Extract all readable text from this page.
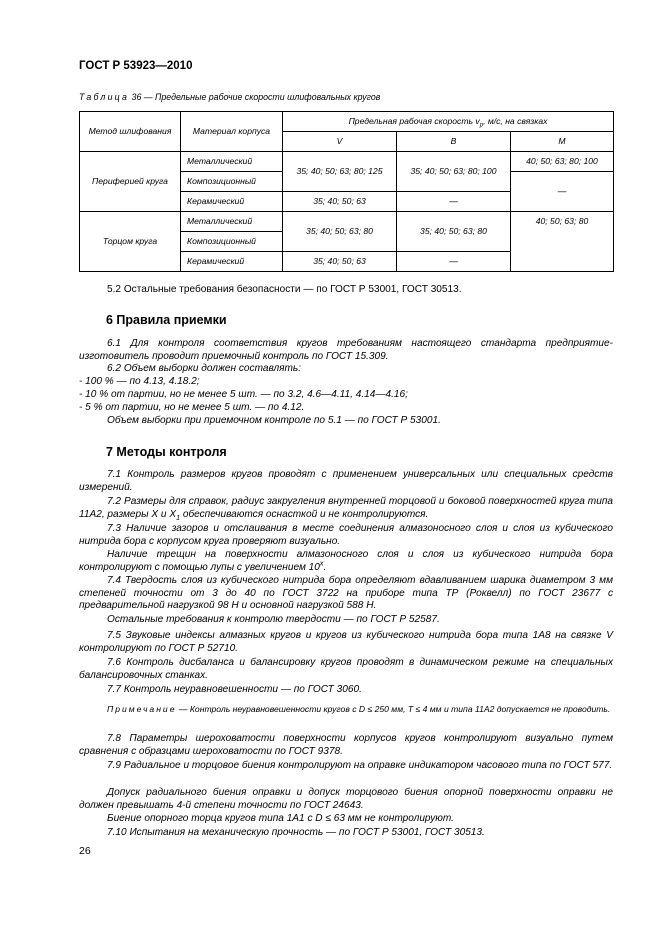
ГОСТ Р 53923—2010
Таблица 36 — Предельные рабочие скорости шлифовальных кругов
Метод шлифования	Материал корпуса	Предельная рабочая скорость $v_р$, м/с, на связках		
		V	B	M
Периферией круга	Металлический	35; 40; 50; 63; 80; 125	35; 40; 50; 63; 80; 100	40; 50; 63; 80; 100
	Композиционный			—
	Керамический	35; 40; 50; 63	—	
Торцом круга	Металлический	35; 40; 50; 63; 80	35; 40; 50; 63; 80	40; 50; 63; 80
	Композиционный			
	Керамический	35; 40; 50; 63	—	
5.2 Остальные требования безопасности — по ГОСТ Р 53001, ГОСТ 30513.
6 Правила приемки
6.1 Для контроля соответствия кругов требованиям настоящего стандарта предприятие-изготовитель проводит приемочный контроль по ГОСТ 15.309.
6.2 Объем выборки должен составлять:
- 100 % — по 4.13, 4.18.2;
- 10 % от партии, но не менее 5 шт. — по 3.2, 4.6—4.11, 4.14—4.16;
- 5 % от партии, но не менее 5 шт. — по 4.12.
Объем выборки при приемочном контроле по 5.1 — по ГОСТ Р 53001.
7 Методы контроля
7.1 Контроль размеров кругов проводят с применением универсальных или специальных средств измерений.
7.2 Размеры для справок, радиус закругления внутренней торцовой и боковой поверхностей круга типа 11А2, размеры X и $X_1$ обеспечиваются оснасткой и не контролируются.
7.3 Наличие зазоров и отслаивания в месте соединения алмазоносного слоя и слоя из кубического нитрида бора с корпусом круга проверяют визуально.
Наличие трещин на поверхности алмазоносного слоя и слоя из кубического нитрида бора контролируют с помощью лупы с увеличением $10^х$.
7.4 Твердость слоя из кубического нитрида бора определяют вдавливанием шарика диаметром 3 мм степеней точности от 3 до 40 по ГОСТ 3722 на приборе типа ТР (Роквелл) по ГОСТ 23677 с предварительной нагрузкой 98 Н и основной нагрузкой 588 Н.
Остальные требования к контролю твердости — по ГОСТ Р 52587.
7.5 Звуковые индексы алмазных кругов и кругов из кубического нитрида бора типа 1А8 на связке V контролируют по ГОСТ Р 52710.
7.6 Контроль дисбаланса и балансировку кругов проводят в динамическом режиме на специальных балансировочных станках.
7.7 Контроль неуравновешенности — по ГОСТ 3060.
Примечание — Контроль неуравновешенности кругов с D ≤ 250 мм, T ≤ 4 мм и типа 11А2 допускается не проводить.
7.8 Параметры шероховатости поверхности корпусов кругов контролируют визуально путем сравнения с образцами шероховатости по ГОСТ 9378.
7.9 Радиальное и торцовое биения контролируют на оправке индикатором часового типа по ГОСТ 577.
Допуск радиального биения оправки и допуск торцового биения опорной поверхности оправки не должен превышать 4-й степени точности по ГОСТ 24643.
Биение опорного торца кругов типа 1А1 с D ≤ 63 мм не контролируют.
7.10 Испытания на механическую прочность — по ГОСТ Р 53001, ГОСТ 30513.
26
